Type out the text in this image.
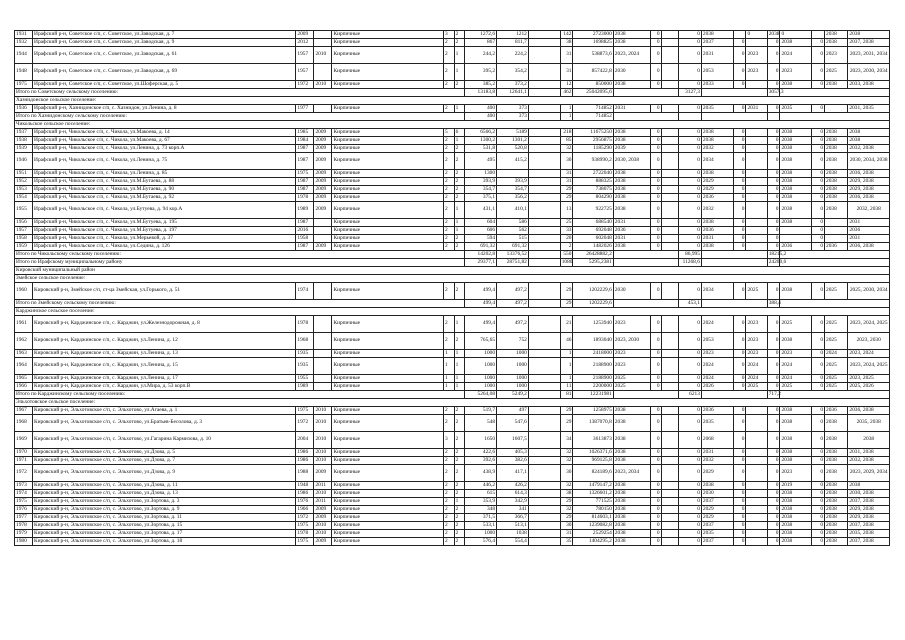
1931	Ирафский р-н, Советское с/п, с. Советское, ул.Заводская, д. 7	2009		Кирпичные	3	2	1272,6	1212		142	2723000	2038	0		0	2038		0	2038	0		2038	2038
1932	Ирафский р-н, Советское с/п, с. Советское, ул.Заводская, д. 9	2012		Кирпичные	2	2	867	811,7		38	1698825	2038	0		0	2037	0		0	2038	0	2038	2037, 2038
1944	Ирафский р-н, Советское с/п, с. Советское, ул.Заводская, д. 61	1957	2010	Кирпичные	2	1	244,2	224,2		31	538873,6	2023, 2024	0		0	2031	0	2023	0	2024	0	2023	2023, 2031, 2034
1948	Ирафский р-н, Советское с/п, с. Советское, ул.Заводская, д. 69	1957		Кирпичные	2	1	395,2	354,2		31	857422,8	2030	0		0	2053	0	2023	0	2023	0	2025	2023, 2030, 2034
1975	Ирафский р-н, Советское с/п, с. Советское, ул.Шоферская, д. 5	1972	2010	Кирпичные	2	2	385,2	373,2		12	850000	2038	0		0	2033	0		0	2038	0	2038	2033, 2038
Итого по Советскому сельскому поселению:							13183,8	12641,1		462	25042095,6				3127,3				3057,3				
Хазнидонское сельское поселение:																							
1936	Ирафский р-н, Хазнидонское с/п, с. Хазнидон, ул.Ленина, д. 8	1977		Кирпичные	2	1	400	373		1	714852	2031	0		0	2035	0	2031	0	2035	0		2031, 2035
Итого по Хазнидонскому сельскому поселению:							400	373		1	714852												
Чикольское сельское поселение:																							
1937	Ирафский р-н, Чикольское с/п, с. Чиколa, ул.Макоева, д. 14	1985	2009	Кирпичные	5	6	6566,2	5189		218	11675250	2038	0		0	2038	0		0	2038	0	2038	2038
1938	Ирафский р-н, Чикольское с/п, с. Чиколa, ул.Макоева, д. 67	1984	2009	Кирпичные	2	1	1300,2	1301,2		85	2956875	2038	0		0	2038	0		0	2038	0	2038	2038
1939	Ирафский р-н, Чикольское с/п, с. Чиколa, ул.Ленина, д. 73 корп.А	1987	2009	Кирпичные	2	2	531,8	520,8		32	1185290	2039	0		0	2032	0		0	2038	0	2038	2032, 2038
1946	Ирафский р-н, Чикольское с/п, с. Чиколa, ул.Ленина, д. 75	1987	2009	Кирпичные	2	2	495	415,2		30	938990,2	2030, 2038	0		0	2034	0		0	2038	0	2038	2030, 2034, 2038
1951	Ирафский р-н, Чикольское с/п, с. Чиколa, ул.Ленина, д. 85	1975	2009	Кирпичные	2	2	1300			31	2722040	2038	0		0	2038	0		0	2038	0	2038	2036, 2038
1952	Ирафский р-н, Чикольское с/п, с. Чиколa, ул.М.Бутаева, д. 88	1987	2009	Кирпичные	2	2	393,9	393,9		31	888325	2038	0		0	2029	0		0	2038	0	2038	2029, 2038
1953	Ирафский р-н, Чикольское с/п, с. Чиколa, ул.М.Бутаева, д. 90	1987	2009	Кирпичные	2	2	354,7	354,7		29	738075	2038	0		0	2029	0		0	2038	0	2038	2029, 2038
1954	Ирафский р-н, Чикольское с/п, с. Чиколa, ул.М.Бутаева, д. 92	1978	2009	Кирпичные	2	2	375,1	356,2		29	804290	2038	0		0	2036	0		0	2038	0	2038	2036, 2038
1955	Ирафский р-н, Чикольское с/п, с. Чиколa, ул.Бутуева, д. 94 кор.А	1989	2009	Кирпичные	2	1	431,1	410,1		13	922725	2038	0		0	2032	0		0	2038	0	2038	2032, 2038
1956	Ирафский р-н, Чикольское с/п, с. Чиколa, ул.М.Бутуева, д. 195	1987		Кирпичные	2	1	604	586		25	688540	2031	0		0	2038	0		0	2038	0		2031
1957	Ирафский р-н, Чикольское с/п, с. Чиколa, ул.М.Бутуева, д. 197	2016		Кирпичные	2	1	606	562		33	692048	2036	0		0	2036	0		0		0		2036
1958	Ирафский р-н, Чикольское с/п, с. Чиколa, ул.Мерьевой, д. 37	1958		Кирпичные	2	2	594	515		20	602048	2031	0		0	2031	0		0		0		2031
1959	Ирафский р-н, Чикольское с/п, с. Чиколa, ул.Седина, д. 126	1987	2009	Кирпичные	2	2	691,32	691,32		2	1482026	2038	0		0	2038	0		0	2036	0	2036	2036, 2038
Итого по Чикольскому сельскому поселению:							14202,8	13376,52		550	26428882,2				86,995				18215,2				
Итого по Ирафскому муниципальному району							29377,1	28751,82		1080	5295,2381				11268,6				24200,6				
Кировский муниципальный район																							
Змейское сельское поселение:																							
1960	Кировский р-н, Змейское с/п, ст-ца Змейская, ул.Горького, д. 51	1974		Кирпичные	2	2	499,4	497,2		29	1202229,6	2030	0		0	2034	0	2025	0	2038	0	2025	2025, 2030, 2034
Итого по Змейскому сельскому поселению:							499,4	497,2		29	1202229,6				453,1				388,4				
Карджинское сельское поселение:																							
1961	Кировский р-н, Карджинское с/п, с. Карджин, ул.Железнодорожная, д. 8	1978		Кирпичные	2	1	499,4	497,2		21	1253940	2023	0		0	2024	0	2023	0	2025	0	2025	2023, 2024, 2025
1962	Кировский р-н, Карджинское с/п, с. Карджин, ул.Ленина, д. 12	1968		Кирпичные	2	2	765,65	752		46	1893040	2023, 2030	0		0	2053	0	2023	0	2038	0	2025	2023, 2030
1963	Кировский р-н, Карджинское с/п, с. Карджин, ул.Ленина, д. 13	1935		Кирпичные	1	1	1000	1000		1	2418000	2023	0		0	2023	0	2023	0	2023	0	2024	2023, 2024
1964	Кировский р-н, Карджинское с/п, с. Карджин, ул.Ленина, д. 15	1935		Кирпичные	1	1	1000	1000		1	2188900	2023	0		0	2024	0	2024	0	2024	0	2025	2023, 2024, 2025
1965	Кировский р-н, Карджинское с/п, с. Карджин, ул.Ленина, д. 17	1955		Кирпичные	1	1	1000	1000		1	2188900	2025	0		0	2024	0	2024	0	2024	0	2025	2023, 2025
1966	Кировский р-н, Карджинское с/п, с. Карджин, ул.Мира, д. 53 корп.В	1989		Кирпичные	1	1	1000	1000		11	2200000	2025	0		0	2026	0	2025	0	2025	0	2025	2025, 2026
Итого по Карджинскому сельскому поселению:							5264,08	5249,2		81	12231981				6213				717,2				
Эльхотовское сельское поселение:																							
1967	Кировский р-н, Эльхотовское с/п, с. Эльхотово, ул.Агаева, д. 1	1975	2010	Кирпичные	2	2	519,7	497		29	1258975	2038	0		0	2036	0		0	2038	0	2036	2036, 2038
1968	Кировский р-н, Эльхотовское с/п, с. Эльхотово, ул.Братьев-Бесолова, д. 3	1972	2010	Кирпичные	2	2	548	547,6		29	1387070,8	2038	0		0	2035	0		0	2038	0	2038	2035, 2038
1969	Кировский р-н, Эльхотовское с/п, с. Эльхотово, ул.Гагарина Кармизова, д. 10	2004	2010	Кирпичные	3	2	1650	1607,5		34	3613873	2038	0		0	2068	0		0	2038	0	2038	2038
1970	Кировский р-н, Эльхотовское с/п, с. Эльхотово, ул.Дзова, д. 5	1986	2010	Кирпичные	2	2	422,6	405,3		32	1026371,6	2038	0		0	2031	0		0	2038	0	2038	2031, 2038
1971	Кировский р-н, Эльхотовское с/п, с. Эльхотово, ул.Дзова, д. 7	1986	2010	Кирпичные	2	2	392,6	382,6		32	969125,8	2038	0		0	2032	0		0	2038	0	2038	2032, 2038
1972	Кировский р-н, Эльхотовское с/п, с. Эльхотово, ул.Дзова, д. 9	1988	2009	Кирпичные	2	2	438,9	417,1		30	824189,6	2023, 2034	0		0	2029	0		0	2023	0	2038	2023, 2029, 2034
1973	Кировский р-н, Эльхотовское с/п, с. Эльхотово, ул.Дзова, д. 11	1948	2011	Кирпичные	2	2	446,2	426,2		32	1479147,2	2038	0		0	2038	0		0	2019	0	2038	2038
1974	Кировский р-н, Эльхотовское с/п, с. Эльхотово, ул.Дзова, д. 13	1986	2010	Кирпичные	2	2	615	614,3		38	1326601,2	2038	0		0	2030	0		0	2038	0	2038	2030, 2038
1975	Кировский р-н, Эльхотовское с/п, с. Эльхотово, ул.Зортова, д. 3	1976	2011	Кирпичные	2	1	353,9	342,9		29	771525	2038	0		0	2037	0		0	2038	0	2038	2037, 2038
1976	Кировский р-н, Эльхотовское с/п, с. Эльхотово, ул.Зортова, д. 9	1966	2009	Кирпичные	2	2	348	341		32	780150	2038	0		0	2029	0		0	2038	0	2038	2029, 2038
1977	Кировский р-н, Эльхотовское с/п, с. Эльхотово, ул.Зортова, д. 11	1972	2009	Кирпичные	2	2	371,5	366,7		29	814603,1	2038	0		0	2029	0		0	2038	0	2038	2029, 2038
1978	Кировский р-н, Эльхотовское с/п, с. Эльхотово, ул.Зортова, д. 15	1975	2010	Кирпичные	2	2	533,1	513,1		30	1239082,8	2038	0		0	2037	0		0	2038	0	2038	2037, 2038
1979	Кировский р-н, Эльхотовское с/п, с. Эльхотово, ул.Зортова, д. 17	1978	2010	Кирпичные	2	2	1000	1038		31	2529254	2038	0		0	2035	0		0	2038	0	2038	2035, 2038
1980	Кировский р-н, Эльхотовское с/п, с. Эльхотово, ул.Зортова, д. 18	1975	2009	Кирпичные	2	2	576,4	554,4		35	1404295,2	2038	0		0	2037	0		0	2038	0	2038	2037, 2038
